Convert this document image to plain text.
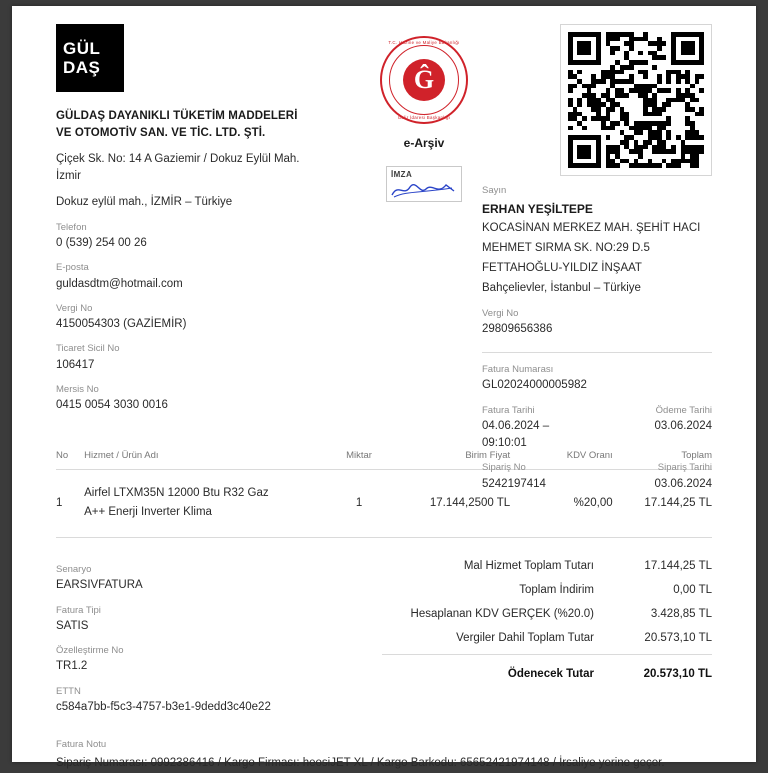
GÜL
DAŞ
GÜLDAŞ DAYANIKLI TÜKETİM MADDELERİ VE OTOMOTİV SAN. VE TİC. LTD. ŞTİ.
Çiçek Sk. No: 14 A Gaziemir / Dokuz Eylül Mah. İzmir
Dokuz eylül mah., İZMİR – Türkiye
Telefon
0 (539) 254 00 26
E-posta
guldasdtm@hotmail.com
Vergi No
4150054303 (GAZİEMİR)
Ticaret Sicil No
106417
Mersis No
0415 0054 3030 0016
T.C. Hazine ve Maliye Bakanlığı
Ĝ
Gelir İdaresi Başkanlığı
e-Arşiv
İMZA
Sayın
ERHAN YEŞİLTEPE
KOCASİNAN MERKEZ MAH. ŞEHİT HACI
MEHMET SIRMA SK. NO:29 D.5
FETTAHOĞLU-YILDIZ İNŞAAT
Bahçelievler, İstanbul – Türkiye
Vergi No
29809656386
Fatura Numarası
GL02024000005982
Fatura Tarihi
04.06.2024 – 09:10:01
Ödeme Tarihi
03.06.2024
Sipariş No
5242197414
Sipariş Tarihi
03.06.2024
No	Hizmet / Ürün Adı	Miktar	Birim Fiyat	KDV Oranı	Toplam
1	Airfel LTXM35N 12000 Btu R32 Gaz
A++ Enerji Inverter Klima	1	17.144,2500 TL	%20,00	17.144,25 TL
Senaryo
EARSIVFATURA
Fatura Tipi
SATIS
Özelleştirme No
TR1.2
ETTN
c584a7bb-f5c3-4757-b3e1-9dedd3c40e22
Mal Hizmet Toplam Tutarı	17.144,25 TL
Toplam İndirim	0,00 TL
Hesaplanan KDV GERÇEK (%20.0)	3.428,85 TL
Vergiler Dahil Toplam Tutar	20.573,10 TL
Ödenecek Tutar	20.573,10 TL
Fatura Notu
Sipariş Numarası: 0992386416 / Kargo Firması: heosiJET XL / Kargo Barkodu: 65652421974148 / İrsaliye yerine geçer.
